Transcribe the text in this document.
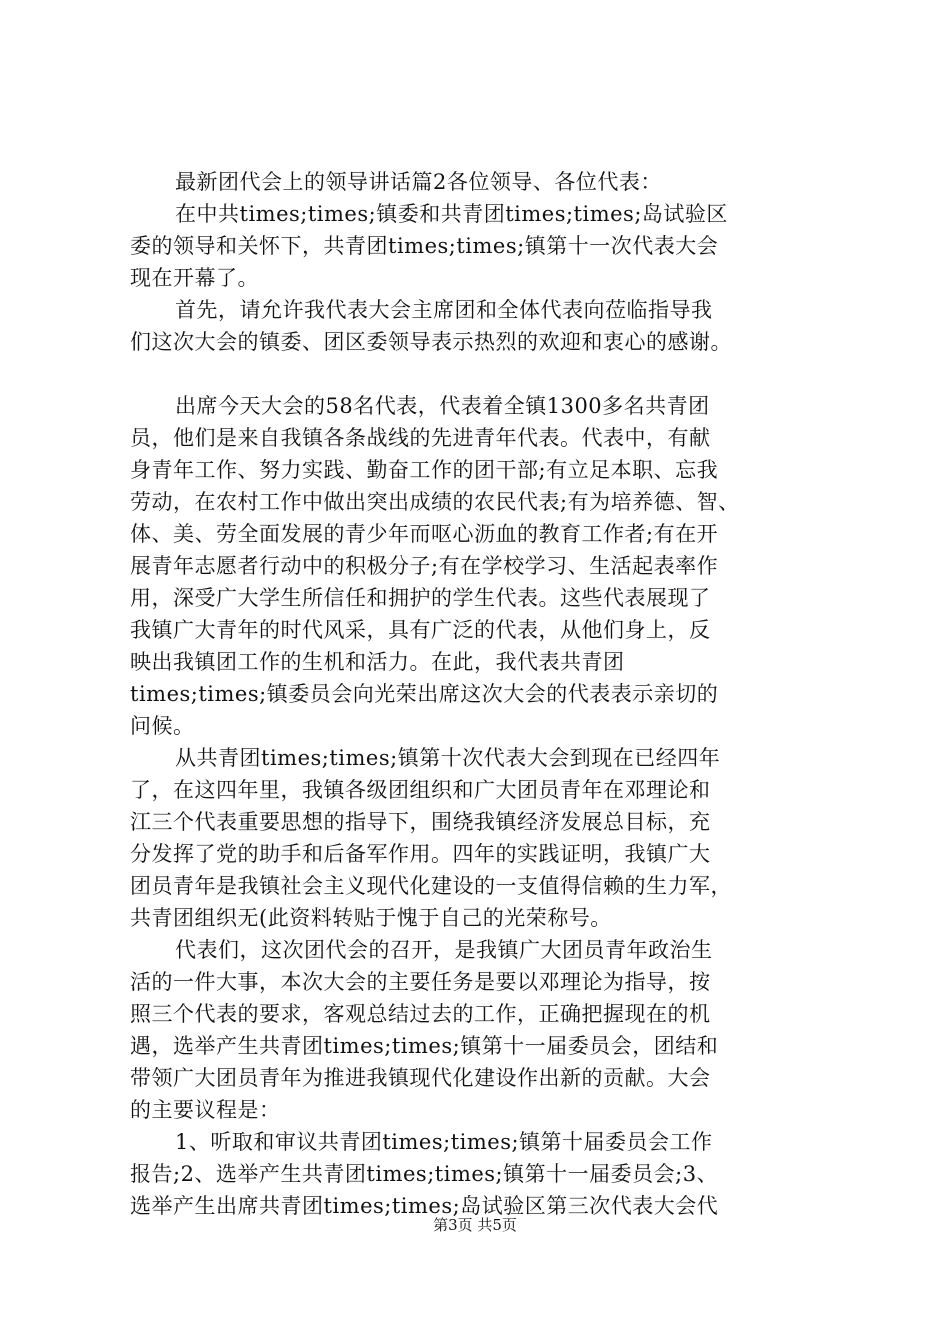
最新团代会上的领导讲话篇2各位领导、各位代表：
在中共times;times;镇委和共青团times;times;岛试验区
委的领导和关怀下，共青团times;times;镇第十一次代表大会
现在开幕了。
首先，请允许我代表大会主席团和全体代表向莅临指导我
们这次大会的镇委、团区委领导表示热烈的欢迎和衷心的感谢。
出席今天大会的58名代表，代表着全镇1300多名共青团
员，他们是来自我镇各条战线的先进青年代表。代表中，有献
身青年工作、努力实践、勤奋工作的团干部;有立足本职、忘我
劳动，在农村工作中做出突出成绩的农民代表;有为培养德、智、
体、美、劳全面发展的青少年而呕心沥血的教育工作者;有在开
展青年志愿者行动中的积极分子;有在学校学习、生活起表率作
用，深受广大学生所信任和拥护的学生代表。这些代表展现了
我镇广大青年的时代风采，具有广泛的代表，从他们身上，反
映出我镇团工作的生机和活力。在此，我代表共青团
times;times;镇委员会向光荣出席这次大会的代表表示亲切的
问候。
从共青团times;times;镇第十次代表大会到现在已经四年
了，在这四年里，我镇各级团组织和广大团员青年在邓理论和
江三个代表重要思想的指导下，围绕我镇经济发展总目标，充
分发挥了党的助手和后备军作用。四年的实践证明，我镇广大
团员青年是我镇社会主义现代化建设的一支值得信赖的生力军，
共青团组织无(此资料转贴于愧于自己的光荣称号。
代表们，这次团代会的召开，是我镇广大团员青年政治生
活的一件大事，本次大会的主要任务是要以邓理论为指导，按
照三个代表的要求，客观总结过去的工作，正确把握现在的机
遇，选举产生共青团times;times;镇第十一届委员会，团结和
带领广大团员青年为推进我镇现代化建设作出新的贡献。大会
的主要议程是：
1、听取和审议共青团times;times;镇第十届委员会工作
报告;2、选举产生共青团times;times;镇第十一届委员会;3、
选举产生出席共青团times;times;岛试验区第三次代表大会代
第3页 共5页
